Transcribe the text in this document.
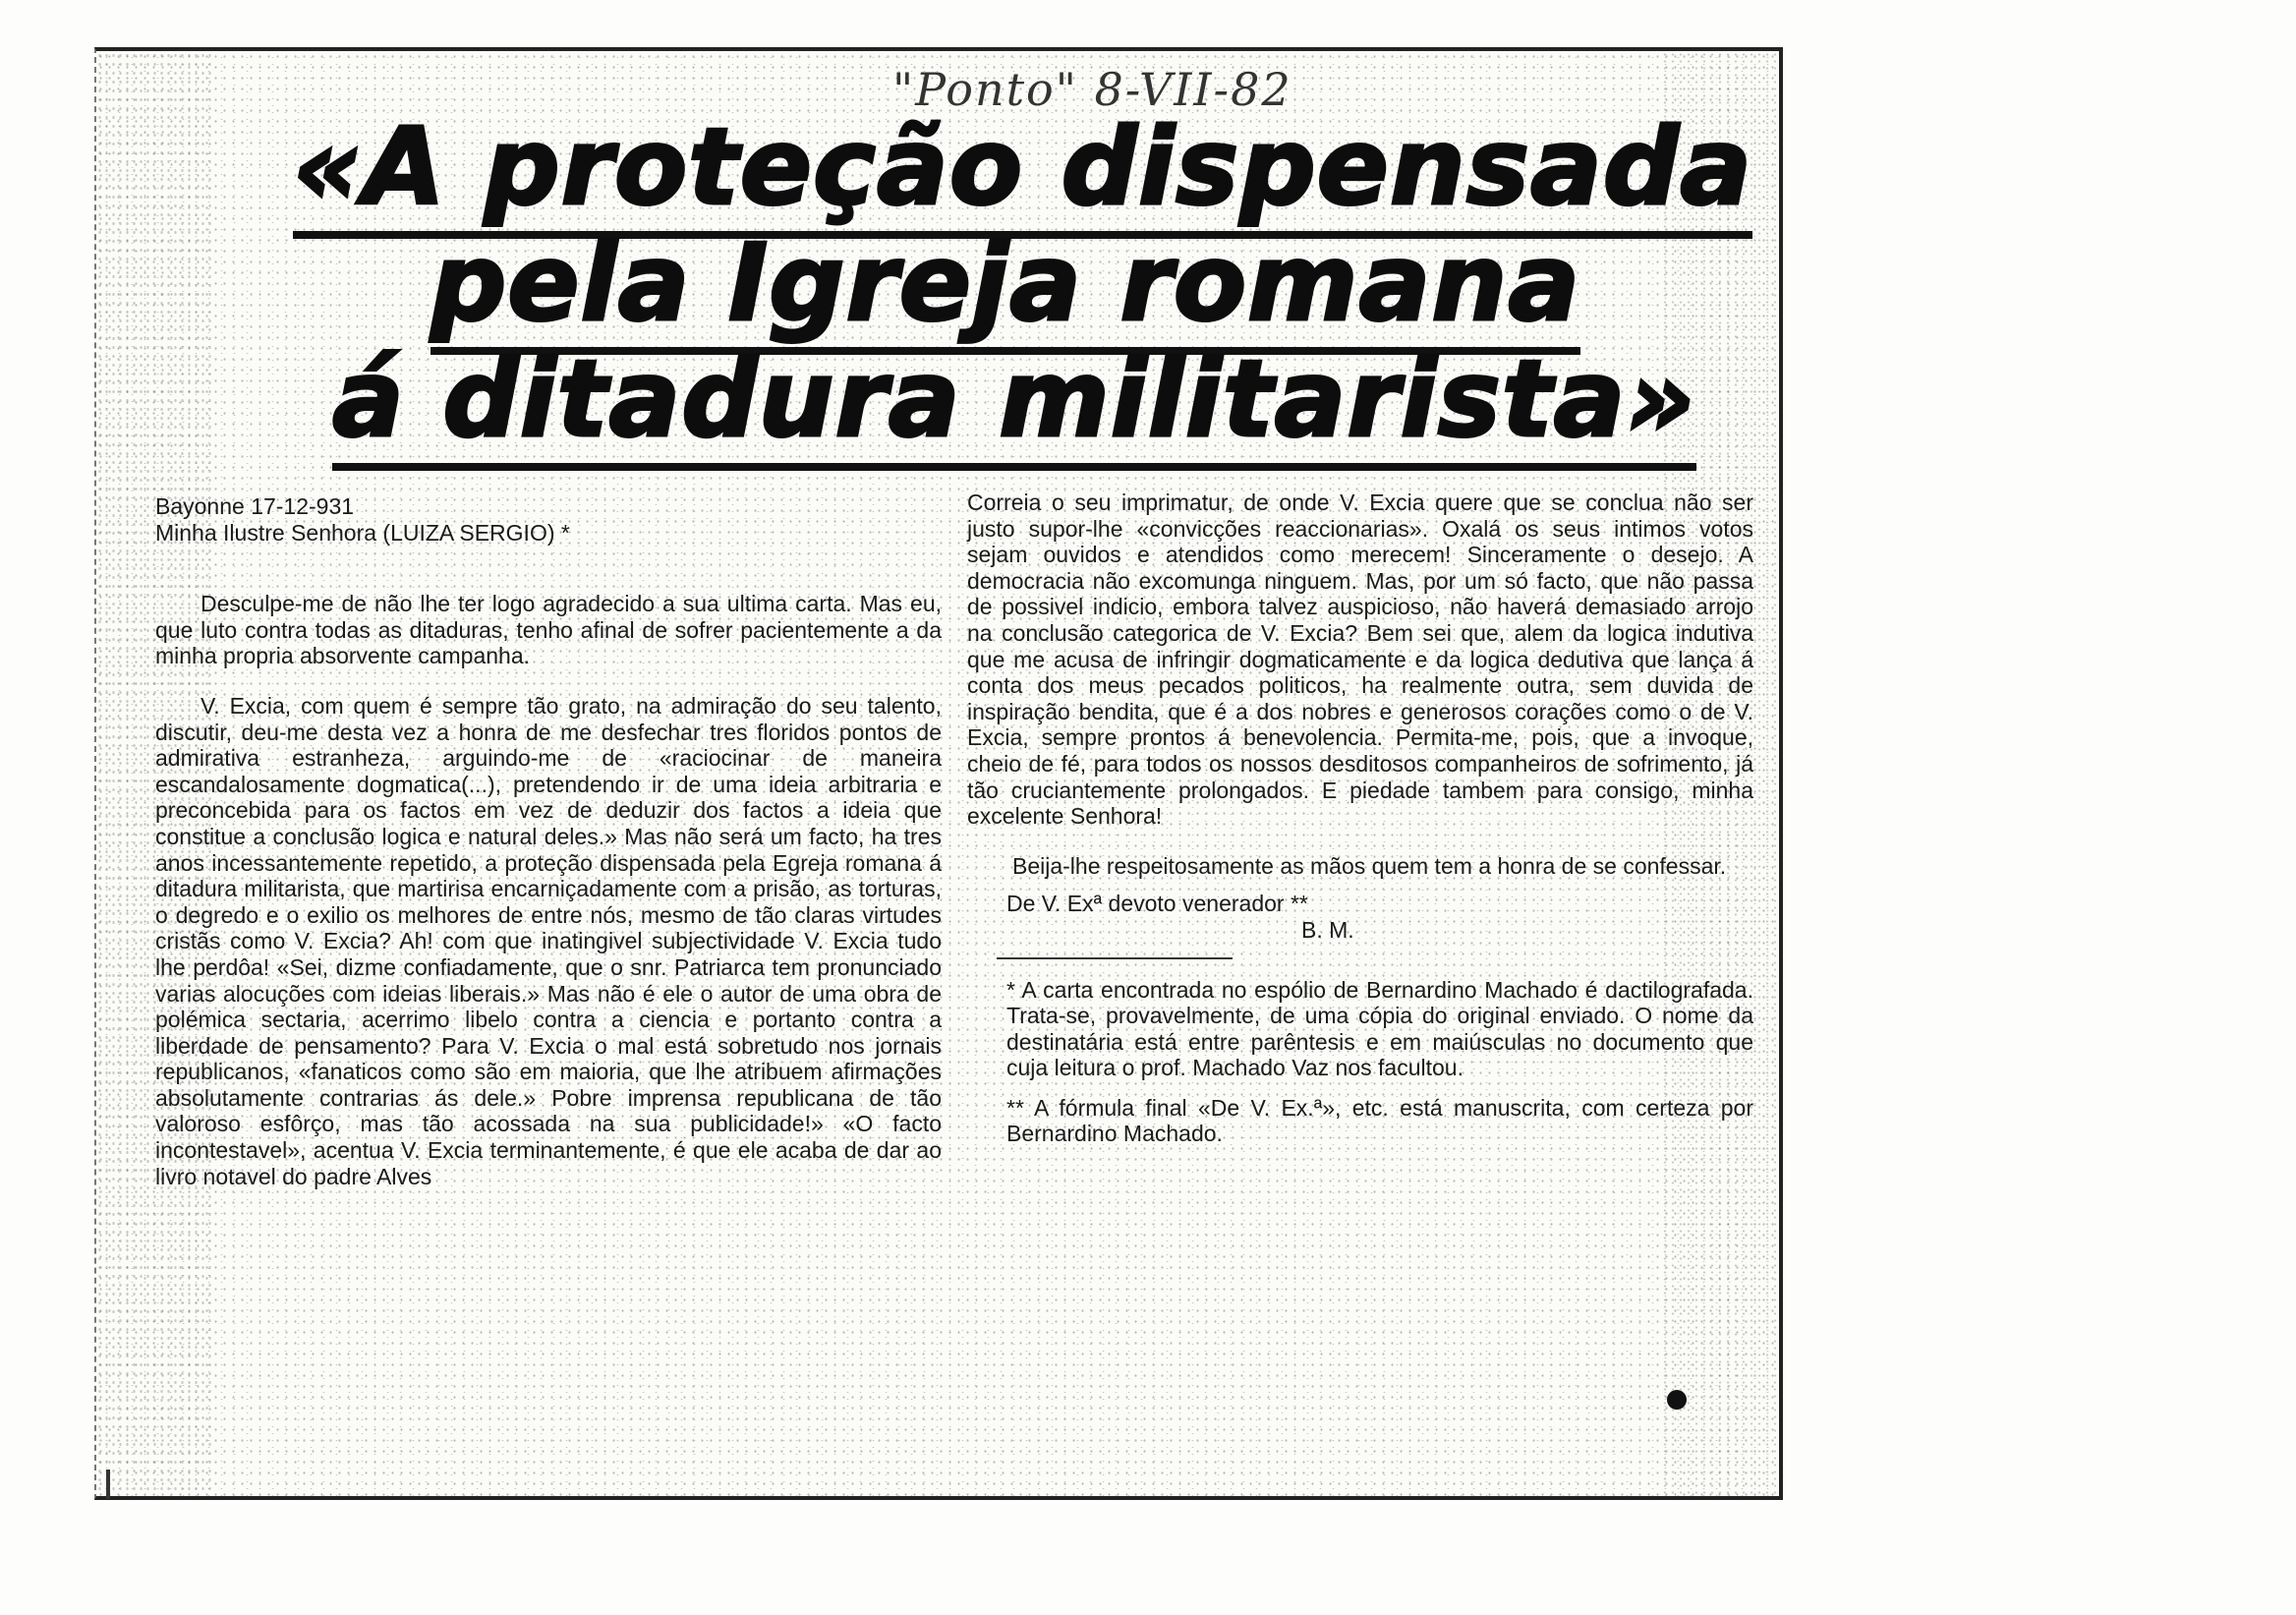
"Ponto" 8-VII-82
«A proteção dispensada
pela Igreja romana
á ditadura militarista»

Bayonne 17-12-931

Minha Ilustre Senhora (LUIZA SERGIO) *

Desculpe-me de não lhe ter logo agradecido a sua ultima carta. Mas eu, que luto contra todas as ditaduras, tenho afinal de sofrer pacientemente a da minha propria absorvente campanha.

V. Excia, com quem é sempre tão grato, na admiração do seu talento, discutir, deu-me desta vez a honra de me desfechar tres floridos pontos de admirativa estranheza, arguindo-me de «raciocinar de maneira escandalosamente dogmatica(...), pretendendo ir de uma ideia arbitraria e preconcebida para os factos em vez de deduzir dos factos a ideia que constitue a conclusão logica e natural deles.» Mas não será um facto, ha tres anos incessantemente repetido, a proteção dispensada pela Egreja romana á ditadura militarista, que martirisa encarniçadamente com a prisão, as torturas, o degredo e o exilio os melhores de entre nós, mesmo de tão claras virtudes cristãs como V. Excia? Ah! com que inatingivel subjectividade V. Excia tudo lhe perdôa! «Sei, dizme confiadamente, que o snr. Patriarca tem pronunciado varias alocuções com ideias liberais.» Mas não é ele o autor de uma obra de polémica sectaria, acerrimo libelo contra a ciencia e portanto contra a liberdade de pensamento? Para V. Excia o mal está sobretudo nos jornais republicanos, «fanaticos como são em maioria, que lhe atribuem afirmações absolutamente contrarias ás dele.» Pobre imprensa republicana de tão valoroso esfôrço, mas tão acossada na sua publicidade!» «O facto incontestavel», acentua V. Excia terminantemente, é que ele acaba de dar ao livro notavel do padre Alves

Correia o seu imprimatur, de onde V. Excia quere que se conclua não ser justo supor-lhe «convicções reaccionarias». Oxalá os seus intimos votos sejam ouvidos e atendidos como merecem! Sinceramente o desejo. A democracia não excomunga ninguem. Mas, por um só facto, que não passa de possivel indicio, embora talvez auspicioso, não haverá demasiado arrojo na conclusão categorica de V. Excia? Bem sei que, alem da logica indutiva que me acusa de infringir dogmaticamente e da logica dedutiva que lança á conta dos meus pecados politicos, ha realmente outra, sem duvida de inspiração bendita, que é a dos nobres e generosos corações como o de V. Excia, sempre prontos á benevolencia. Permita-me, pois, que a invoque, cheio de fé, para todos os nossos desditosos companheiros de sofrimento, já tão cruciantemente prolongados. E piedade tambem para consigo, minha excelente Senhora!

Beija-lhe respeitosamente as mãos quem tem a honra de se confessar.

De V. Exª devoto venerador **

B. M.

* A carta encontrada no espólio de Bernardino Machado é dactilografada. Trata-se, provavelmente, de uma cópia do original enviado. O nome da destinatária está entre parêntesis e em maiúsculas no documento que cuja leitura o prof. Machado Vaz nos facultou.

** A fórmula final «De V. Ex.ª», etc. está manuscrita, com certeza por Bernardino Machado.
